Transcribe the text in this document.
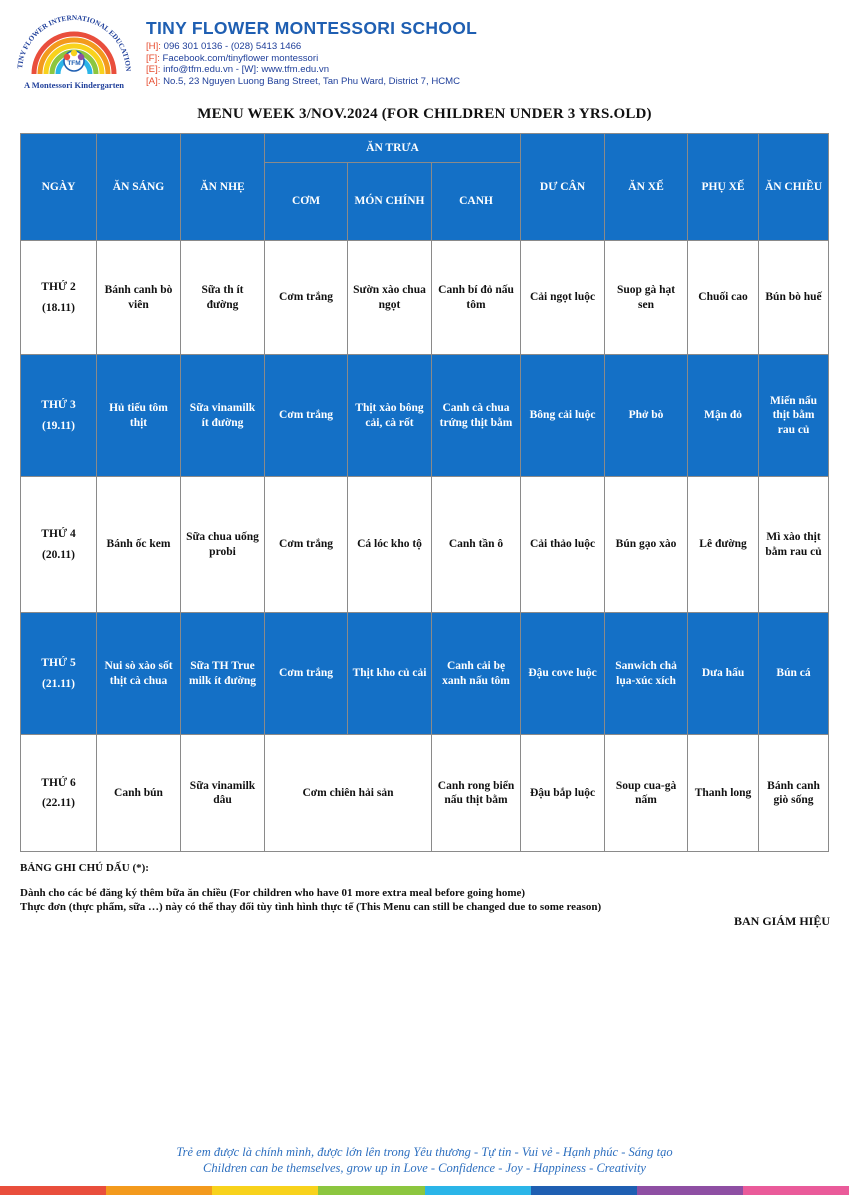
TINY FLOWER INTERNATIONAL EDUCATION
TFM
A Montessori Kindergarten
TINY FLOWER MONTESSORI SCHOOL
[H]: 096 301 0136 - (028) 5413 1466
[F]: Facebook.com/tinyflower montessori
[E]: info@tfm.edu.vn - [W]: www.tfm.edu.vn
[A]: No.5, 23 Nguyen Luong Bang Street, Tan Phu Ward, District 7, HCMC
MENU WEEK 3/NOV.2024 (FOR CHILDREN UNDER 3 YRS.OLD)
NGÀY	ĂN SÁNG	ĂN NHẸ	ĂN TRƯA			DƯ CÂN	ĂN XẾ	PHỤ XẾ	ĂN CHIỀU
			CƠM	MÓN CHÍNH	CANH				
THỨ 2
(18.11)	Bánh canh bò viên	Sữa th ít đường	Cơm trắng	Sườn xào chua ngọt	Canh bí đỏ nấu tôm	Cải ngọt luộc	Suop gà hạt sen	Chuối cao	Bún bò huế
THỨ 3
(19.11)	Hủ tiếu tôm thịt	Sữa vinamilk ít đường	Cơm trắng	Thịt xào bông cải, cà rốt	Canh cà chua trứng thịt bằm	Bông cải luộc	Phở bò	Mận đỏ	Miến nấu thịt bằm rau củ
THỨ 4
(20.11)	Bánh ốc kem	Sữa chua uống probi	Cơm trắng	Cá lóc kho tộ	Canh tần ô	Cải thảo luộc	Bún gạo xào	Lê đường	Mì xào thịt bằm rau củ
THỨ 5
(21.11)	Nui sò xào sốt thịt cà chua	Sữa TH True milk ít đường	Cơm trắng	Thịt kho củ cải	Canh cải bẹ xanh nấu tôm	Đậu cove luộc	Sanwich chả lụa-xúc xích	Dưa hấu	Bún cá
THỨ 6
(22.11)	Canh bún	Sữa vinamilk dâu	Cơm chiên hải sản		Canh rong biển nấu thịt bằm	Đậu bắp luộc	Soup cua-gà nấm	Thanh long	Bánh canh giò sống
BẢNG GHI CHÚ DẤU (*):
Dành cho các bé đăng ký thêm bữa ăn chiều (For children who have 01 more extra meal before going home)
Thực đơn (thực phẩm, sữa …) này có thể thay đổi tùy tình hình thực tế (This Menu can still be changed due to some reason)
BAN GIÁM HIỆU
Trẻ em được là chính mình, được lớn lên trong Yêu thương - Tự tin - Vui vẻ - Hạnh phúc - Sáng tạo
Children can be themselves, grow up in Love - Confidence - Joy - Happiness - Creativity
